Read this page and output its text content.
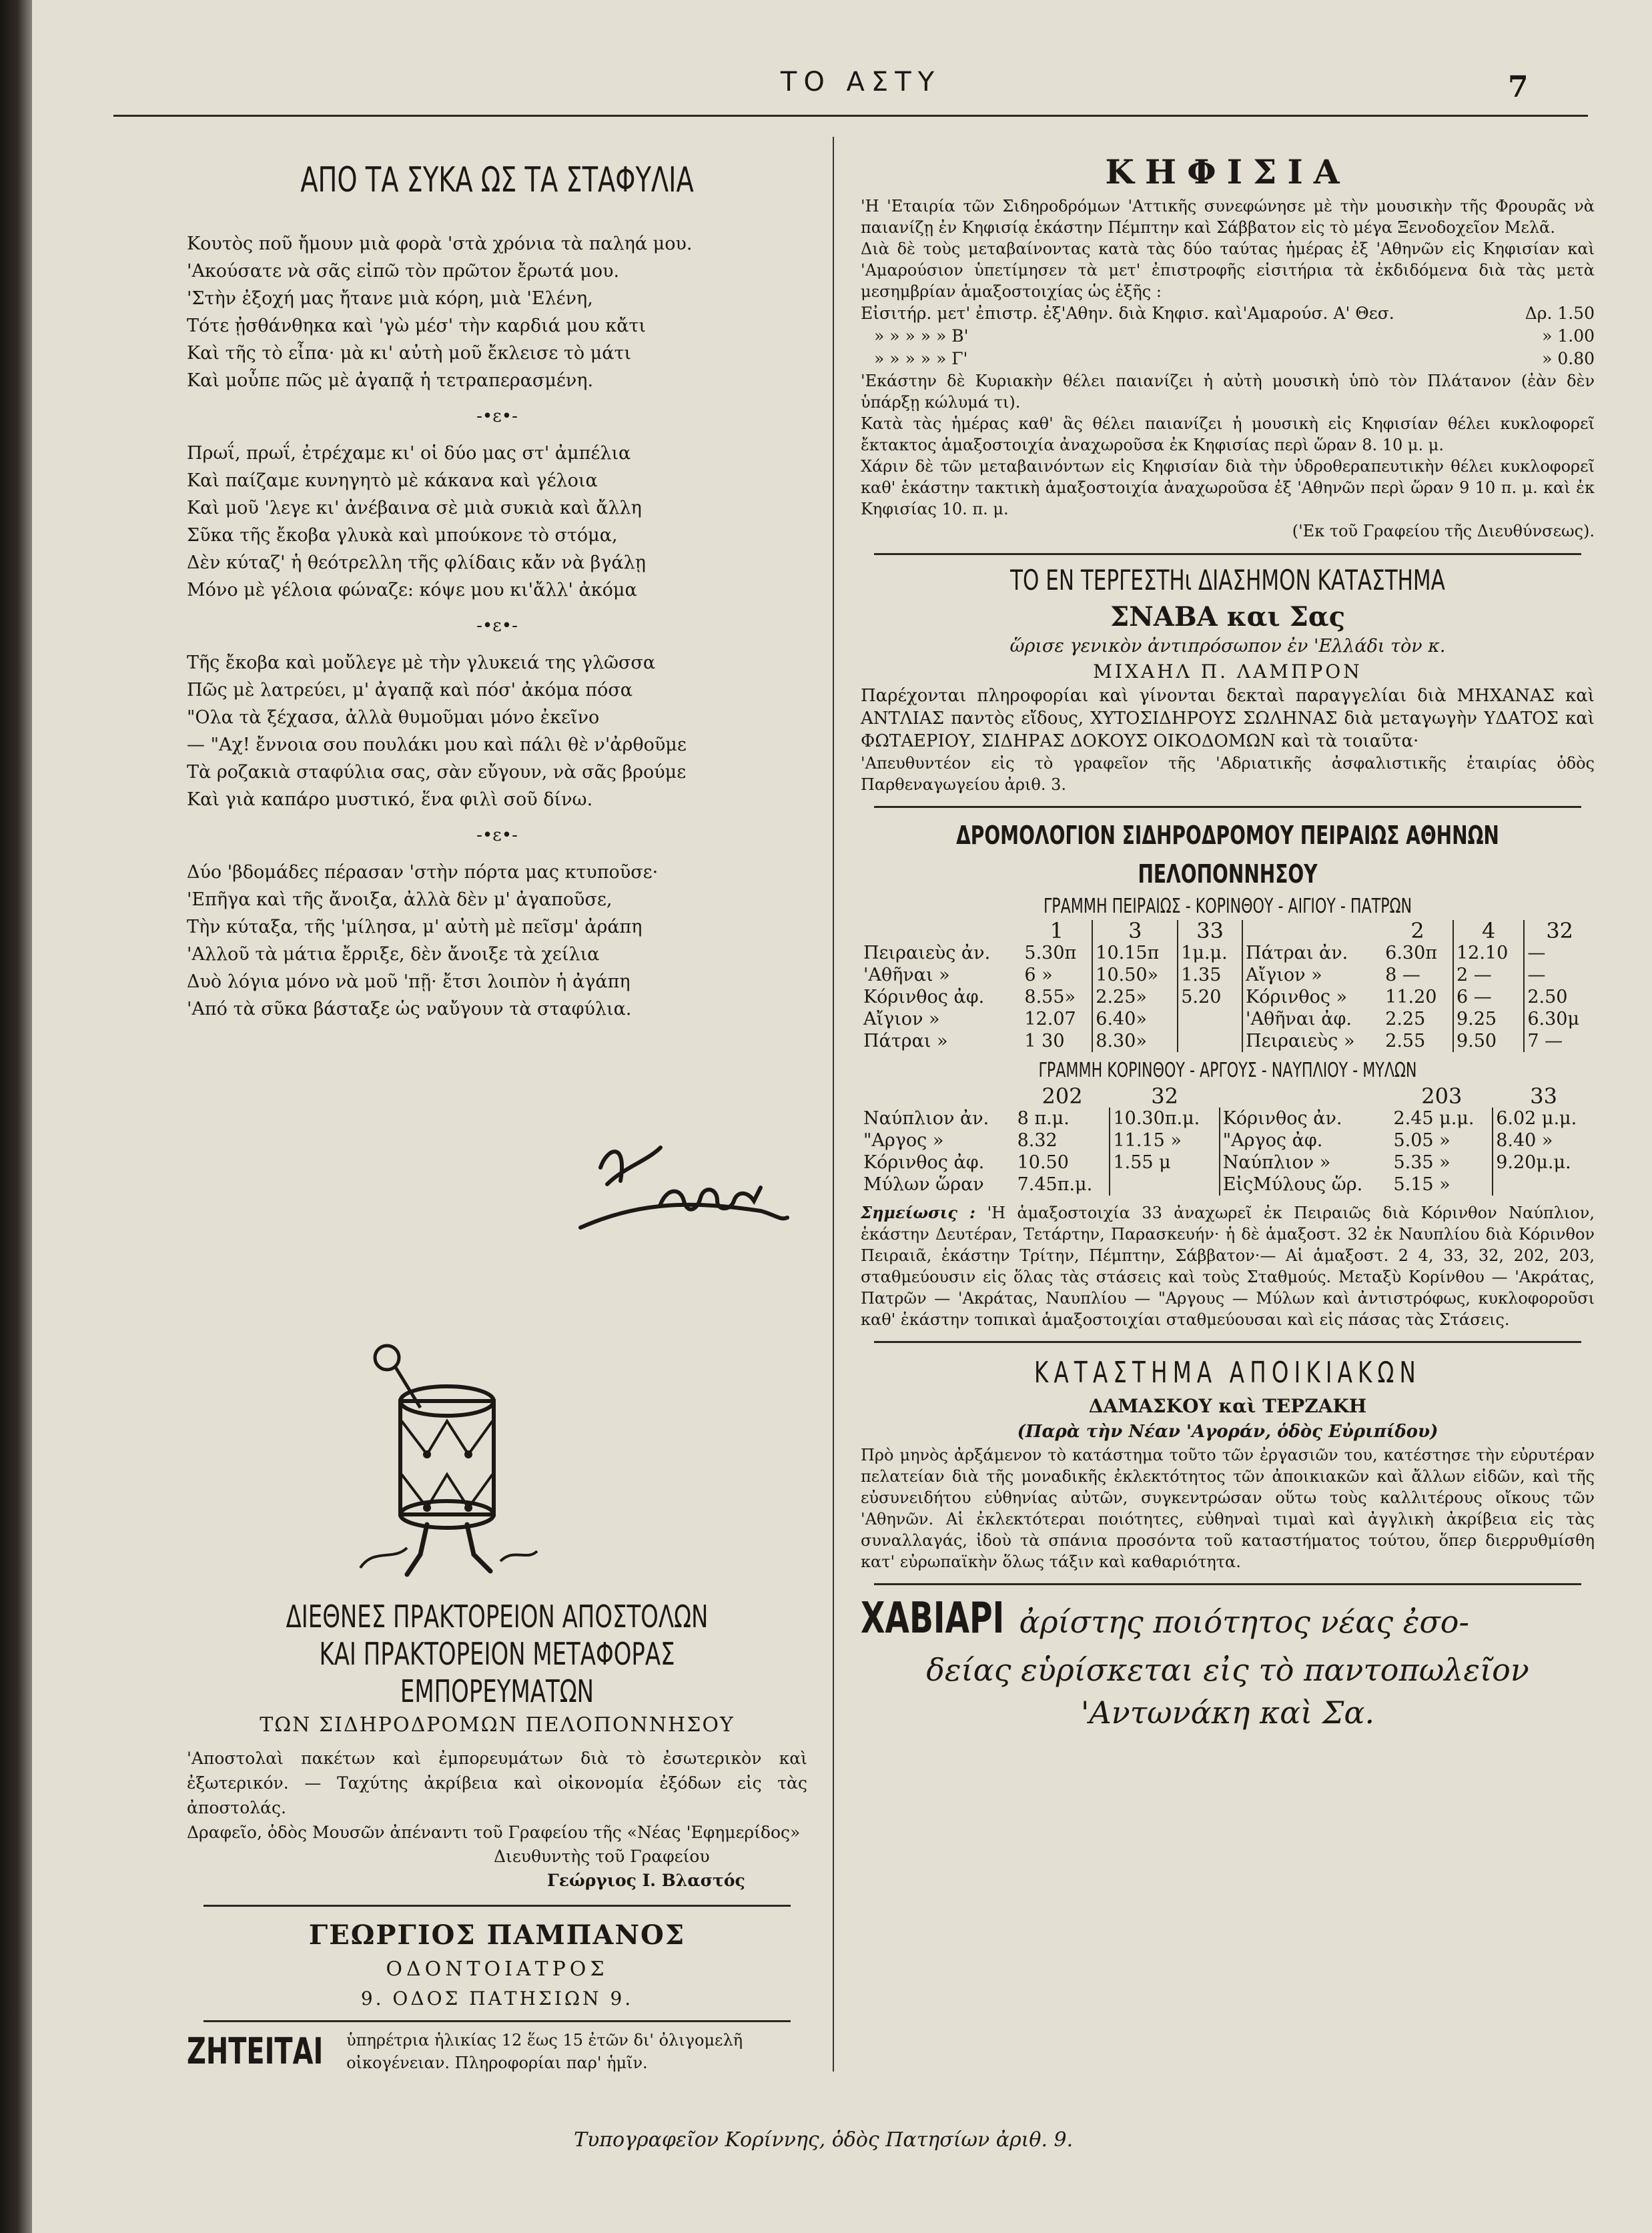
ΤΟ ΑΣΤΥ	7
ΑΠΟ ΤΑ ΣΥΚΑ ΩΣ ΤΑ ΣΤΑΦΥΛΙΑ
Κουτὸς ποῦ ἤμουν μιὰ φορὰ 'στὰ χρόνια τὰ παληά μου.
'Ακούσατε νὰ σᾶς εἰπῶ τὸν πρῶτον ἔρωτά μου.
'Στὴν ἐξοχή μας ἤτανε μιὰ κόρη, μιὰ 'Ελένη,
Τότε ᾐσθάνθηκα καὶ 'γὼ μέσ' τὴν καρδιά μου κἄτι
Καὶ τῆς τὸ εἶπα· μὰ κι' αὐτὴ μοῦ ἔκλεισε τὸ μάτι
Καὶ μοὖπε πῶς μὲ ἀγαπᾷ ἡ τετραπερασμένη.
-•ε•-
Πρωΐ, πρωΐ, ἐτρέχαμε κι' οἱ δύο μας στ' ἀμπέλια
Καὶ παίζαμε κυνηγητὸ μὲ κάκανα καὶ γέλοια
Καὶ μοῦ 'λεγε κι' ἀνέβαινα σὲ μιὰ συκιὰ καὶ ἄλλη
Σῦκα τῆς ἔκοβα γλυκὰ καὶ μπούκονε τὸ στόμα,
Δὲν κύταζ' ἡ θεότρελλη τῆς φλίδαις κἄν νὰ βγάλῃ
Μόνο μὲ γέλοια φώναζε: κόψε μου κι'ἄλλ' ἀκόμα
-•ε•-
Τῆς ἔκοβα καὶ μοὔλεγε μὲ τὴν γλυκειά της γλῶσσα
Πῶς μὲ λατρεύει, μ' ἀγαπᾷ καὶ πόσ' ἀκόμα πόσα
"Ολα τὰ ξέχασα, ἀλλὰ θυμοῦμαι μόνο ἐκεῖνο
— "Αχ! ἔννοια σου πουλάκι μου καὶ πάλι θὲ ν'ἀρθοῦμε
Τὰ ροζακιὰ σταφύλια σας, σὰν εὔγουν, νὰ σᾶς βρούμε
Καὶ γιὰ καπάρο μυστικό, ἕνα φιλὶ σοῦ δίνω.
-•ε•-
Δύο 'βδομάδες πέρασαν 'στὴν πόρτα μας κτυποῦσε·
'Επῆγα καὶ τῆς ἄνοιξα, ἀλλὰ δὲν μ' ἀγαποῦσε,
Τὴν κύταξα, τῆς 'μίλησα, μ' αὐτὴ μὲ πεῖσμ' ἀράπη
'Αλλοῦ τὰ μάτια ἔρριξε, δὲν ἄνοιξε τὰ χείλια
Δυὸ λόγια μόνο νὰ μοῦ 'πῇ· ἔτσι λοιπὸν ἡ ἀγάπη
'Από τὰ σῦκα βάσταξε ὡς ναὔγουν τὰ σταφύλια.
ΔΙΕΘΝΕΣ ΠΡΑΚΤΟΡΕΙΟΝ ΑΠΟΣΤΟΛΩΝ
ΚΑΙ ΠΡΑΚΤΟΡΕΙΟΝ ΜΕΤΑΦΟΡΑΣ ΕΜΠΟΡΕΥΜΑΤΩΝ
ΤΩΝ ΣΙΔΗΡΟΔΡΟΜΩΝ ΠΕΛΟΠΟΝΝΗΣΟΥ
'Αποστολαὶ πακέτων καὶ ἐμπορευμάτων διὰ τὸ ἐσωτερικὸν καὶ ἐξωτερικόν. — Ταχύτης ἀκρίβεια καὶ οἰκονομία ἐξόδων εἰς τὰς ἀποστολάς.
Δραφεῖο, ὁδὸς Μουσῶν ἀπέναντι τοῦ Γραφείου τῆς «Νέας 'Εφημερίδος»
Διευθυντὴς τοῦ Γραφείου
Γεώργιος Ι. Βλαστός
ΓΕΩΡΓΙΟΣ ΠΑΜΠΑΝΟΣ
ΟΔΟΝΤΟΙΑΤΡΟΣ
9. ΟΔΟΣ ΠΑΤΗΣΙΩΝ 9.
ΖΗΤΕΙΤΑΙ ὑπηρέτρια ἡλικίας 12 ἕως 15 ἐτῶν δι' ὀλιγομελῆ οἰκογένειαν. Πληροφορίαι παρ' ἡμῖν.
ΚΗΦΙΣΙΑ
'Η 'Εταιρία τῶν Σιδηροδρόμων 'Αττικῆς συνεφώνησε μὲ τὴν μουσικὴν τῆς Φρουρᾶς νὰ παιανίζῃ ἐν Κηφισίᾳ ἑκάστην Πέμπτην καὶ Σάββατον εἰς τὸ μέγα Ξενοδοχεῖον Μελᾶ.
Διὰ δὲ τοὺς μεταβαίνοντας κατὰ τὰς δύο ταύτας ἡμέρας ἐξ 'Αθηνῶν εἰς Κηφισίαν καὶ 'Αμαρούσιον ὑπετίμησεν τὰ μετ' ἐπιστροφῆς εἰσιτήρια τὰ ἐκδιδόμενα διὰ τὰς μετὰ μεσημβρίαν ἁμαξοστοιχίας ὡς ἑξῆς :
Εἰσιτήρ. μετ' ἐπιστρ. ἐξ'Αθην. διὰ Κηφισ. καὶ'Αμαρούσ. Α' Θεσ.	Δρ. 1.50
» » » » » Β'	» 1.00
» » » » » Γ'	» 0.80
'Εκάστην δὲ Κυριακὴν θέλει παιανίζει ἡ αὐτὴ μουσικὴ ὑπὸ τὸν Πλάτανον (ἐὰν δὲν ὑπάρξῃ κώλυμά τι).
Κατὰ τὰς ἡμέρας καθ' ἃς θέλει παιανίζει ἡ μουσικὴ εἰς Κηφισίαν θέλει κυκλοφορεῖ ἔκτακτος ἁμαξοστοιχία ἀναχωροῦσα ἐκ Κηφισίας περὶ ὥραν 8. 10 μ. μ.
Χάριν δὲ τῶν μεταβαινόντων εἰς Κηφισίαν διὰ τὴν ὑδροθεραπευτικὴν θέλει κυκλοφορεῖ καθ' ἑκάστην τακτικὴ ἁμαξοστοιχία ἀναχωροῦσα ἐξ 'Αθηνῶν περὶ ὥραν 9 10 π. μ. καὶ ἐκ Κηφισίας 10. π. μ.
('Εκ τοῦ Γραφείου τῆς Διευθύνσεως).
ΤΟ ΕΝ ΤΕΡΓΕΣΤΗι ΔΙΑΣΗΜΟΝ ΚΑΤΑΣΤΗΜΑ
ΣΝΑΒΑ και Σας
ὥρισε γενικὸν ἀντιπρόσωπον ἐν 'Ελλάδι τὸν κ.
ΜΙΧΑΗΛ Π. ΛΑΜΠΡΟΝ
Παρέχονται πληροφορίαι καὶ γίνονται δεκταὶ παραγγελίαι διὰ ΜΗΧΑΝΑΣ καὶ ΑΝΤΛΙΑΣ παντὸς εἴδους, ΧΥΤΟΣΙΔΗΡΟΥΣ ΣΩΛΗΝΑΣ διὰ μεταγωγὴν ΥΔΑΤΟΣ καὶ ΦΩΤΑΕΡΙΟΥ, ΣΙΔΗΡΑΣ ΔΟΚΟΥΣ ΟΙΚΟΔΟΜΩΝ καὶ τὰ τοιαῦτα·
'Απευθυντέον εἰς τὸ γραφεῖον τῆς 'Αδριατικῆς ἀσφαλιστικῆς ἑταιρίας ὁδὸς Παρθεναγωγείου ἀριθ. 3.
ΔΡΟΜΟΛΟΓΙΟΝ ΣΙΔΗΡΟΔΡΟΜΟΥ ΠΕΙΡΑΙΩΣ ΑΘΗΝΩΝ ΠΕΛΟΠΟΝΝΗΣΟΥ
ΓΡΑΜΜΗ ΠΕΙΡΑΙΩΣ - ΚΟΡΙΝΘΟΥ - ΑΙΓΙΟΥ - ΠΑΤΡΩΝ
	1	3	33		2	4	32
Πειραιεὺς ἀν.	5.30π	10.15π	1μ.μ.	Πάτραι ἀν.	6.30π	12.10	—
'Αθῆναι »	6 »	10.50»	1.35	Αἴγιον »	8 —	2 —	—
Κόρινθος ἀφ.	8.55»	2.25»	5.20	Κόρινθος »	11.20	6 —	2.50
Αἴγιον »	12.07	6.40»		'Αθῆναι ἀφ.	2.25	9.25	6.30μ
Πάτραι »	1 30	8.30»		Πειραιεὺς »	2.55	9.50	7 —
ΓΡΑΜΜΗ ΚΟΡΙΝΘΟΥ - ΑΡΓΟΥΣ - ΝΑΥΠΛΙΟΥ - ΜΥΛΩΝ
	202	32		203	33
Ναύπλιον ἀν.	8 π.μ.	10.30π.μ.	Κόρινθος ἀν.	2.45 μ.μ.	6.02 μ.μ.
"Αργος »	8.32	11.15 »	"Αργος ἀφ.	5.05 »	8.40 »
Κόρινθος ἀφ.	10.50	1.55 μ	Ναύπλιον »	5.35 »	9.20μ.μ.
Μύλων ὥραν	7.45π.μ.		ΕἰςΜύλους ὥρ.	5.15 »	
Σημείωσις : 'Η ἁμαξοστοιχία 33 ἀναχωρεῖ ἐκ Πειραιῶς διὰ Κόρινθον Ναύπλιον, ἑκάστην Δευτέραν, Τετάρτην, Παρασκευήν· ἡ δὲ ἁμαξοστ. 32 ἐκ Ναυπλίου διὰ Κόρινθον Πειραιᾶ, ἑκάστην Τρίτην, Πέμπτην, Σάββατον·— Αἱ ἁμαξοστ. 2 4, 33, 32, 202, 203, σταθμεύουσιν εἰς ὅλας τὰς στάσεις καὶ τοὺς Σταθμούς. Μεταξὺ Κορίνθου — 'Ακράτας, Πατρῶν — 'Ακράτας, Ναυπλίου — "Αργους — Μύλων καὶ ἀντιστρόφως, κυκλοφοροῦσι καθ' ἑκάστην τοπικαὶ ἁμαξοστοιχίαι σταθμεύουσαι καὶ εἰς πάσας τὰς Στάσεις.
ΚΑΤΑΣΤΗΜΑ ΑΠΟΙΚΙΑΚΩΝ
ΔΑΜΑΣΚΟΥ καὶ ΤΕΡΖΑΚΗ
(Παρὰ τὴν Νέαν 'Αγοράν, ὁδὸς Εὐριπίδου)
Πρὸ μηνὸς ἀρξάμενον τὸ κατάστημα τοῦτο τῶν ἐργασιῶν του, κατέστησε τὴν εὐρυτέραν πελατείαν διὰ τῆς μοναδικῆς ἐκλεκτότητος τῶν ἀποικιακῶν καὶ ἄλλων εἰδῶν, καὶ τῆς εὐσυνειδήτου εὐθηνίας αὐτῶν, συγκεντρώσαν οὕτω τοὺς καλλιτέρους οἴκους τῶν 'Αθηνῶν. Αἱ ἐκλεκτότεραι ποιότητες, εὐθηναὶ τιμαὶ καὶ ἀγγλικὴ ἀκρίβεια εἰς τὰς συναλλαγάς, ἰδοὺ τὰ σπάνια προσόντα τοῦ καταστήματος τούτου, ὅπερ διερρυθμίσθη κατ' εὐρωπαϊκὴν ὅλως τάξιν καὶ καθαριότητα.
ΧΑΒΙΑΡΙ ἀρίστης ποιότητος νέας ἐσο-
δείας εὑρίσκεται εἰς τὸ παντοπωλεῖον
'Αντωνάκη καὶ Σα.
Τυπογραφεῖον Κορίννης, ὁδὸς Πατησίων ἀριθ. 9.
